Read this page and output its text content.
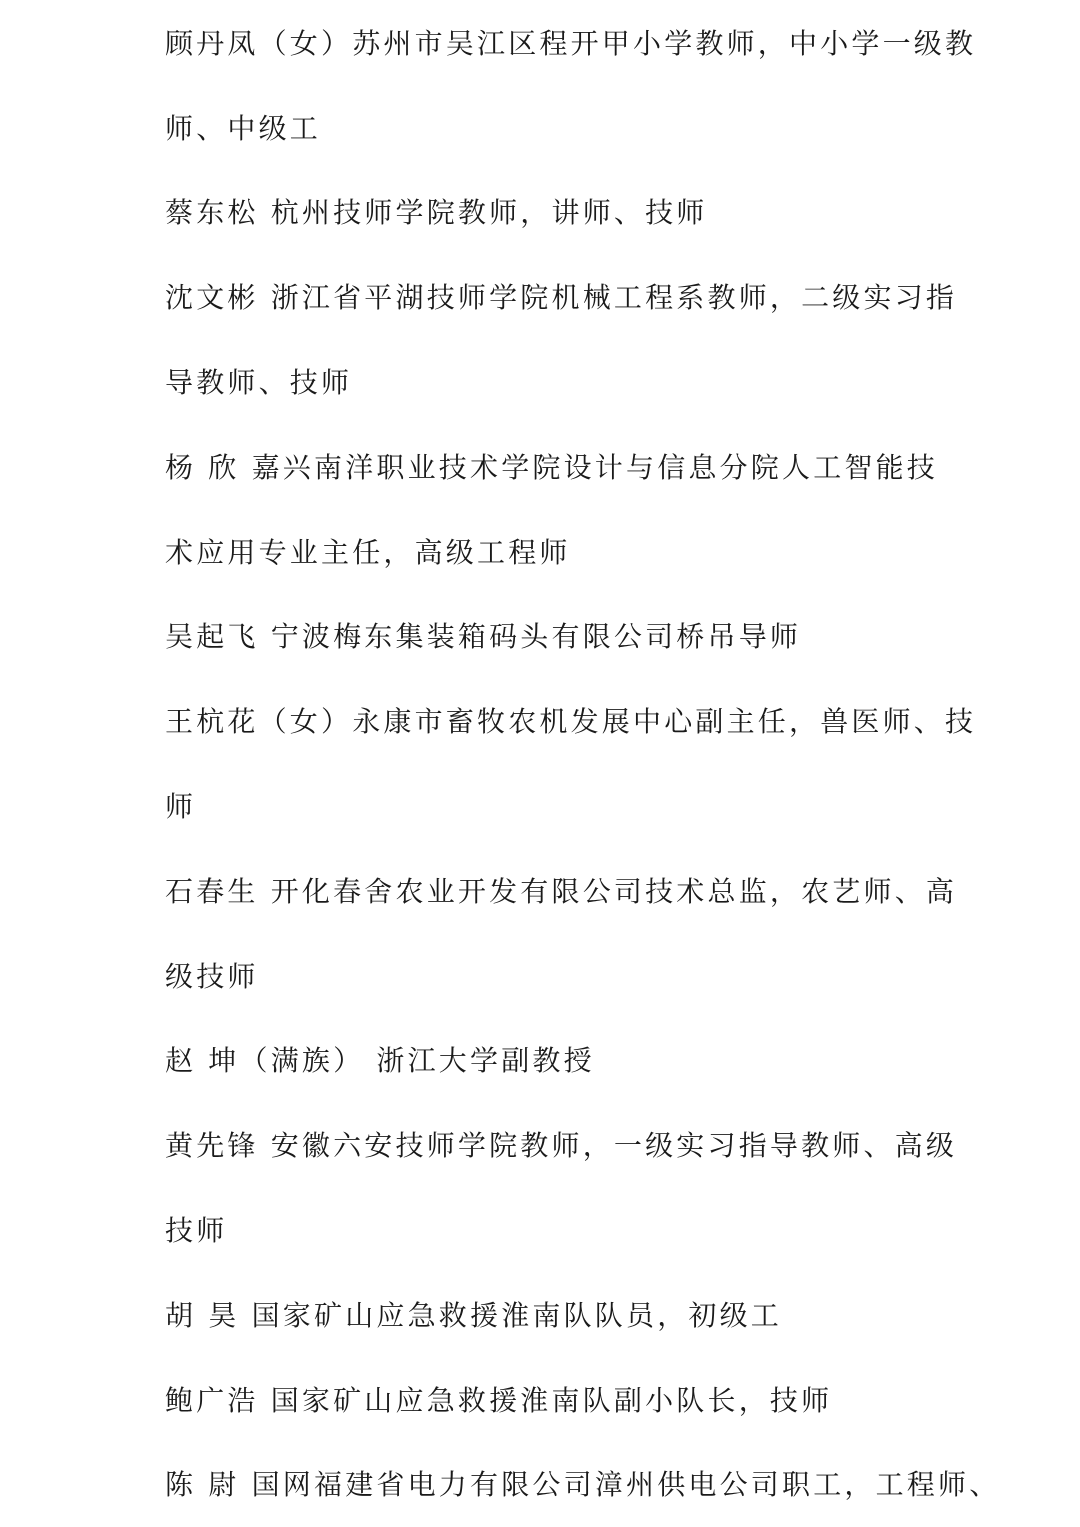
顾丹凤（女）苏州市吴江区程开甲小学教师，中小学一级教
师、中级工
蔡东松 杭州技师学院教师，讲师、技师
沈文彬 浙江省平湖技师学院机械工程系教师，二级实习指
导教师、技师
杨 欣 嘉兴南洋职业技术学院设计与信息分院人工智能技
术应用专业主任，高级工程师
吴起飞 宁波梅东集装箱码头有限公司桥吊导师
王杭花（女）永康市畜牧农机发展中心副主任，兽医师、技
师
石春生 开化春舍农业开发有限公司技术总监，农艺师、高
级技师
赵 坤（满族） 浙江大学副教授
黄先锋 安徽六安技师学院教师，一级实习指导教师、高级
技师
胡 昊 国家矿山应急救援淮南队队员，初级工
鲍广浩 国家矿山应急救援淮南队副小队长，技师
陈 尉 国网福建省电力有限公司漳州供电公司职工，工程师、
